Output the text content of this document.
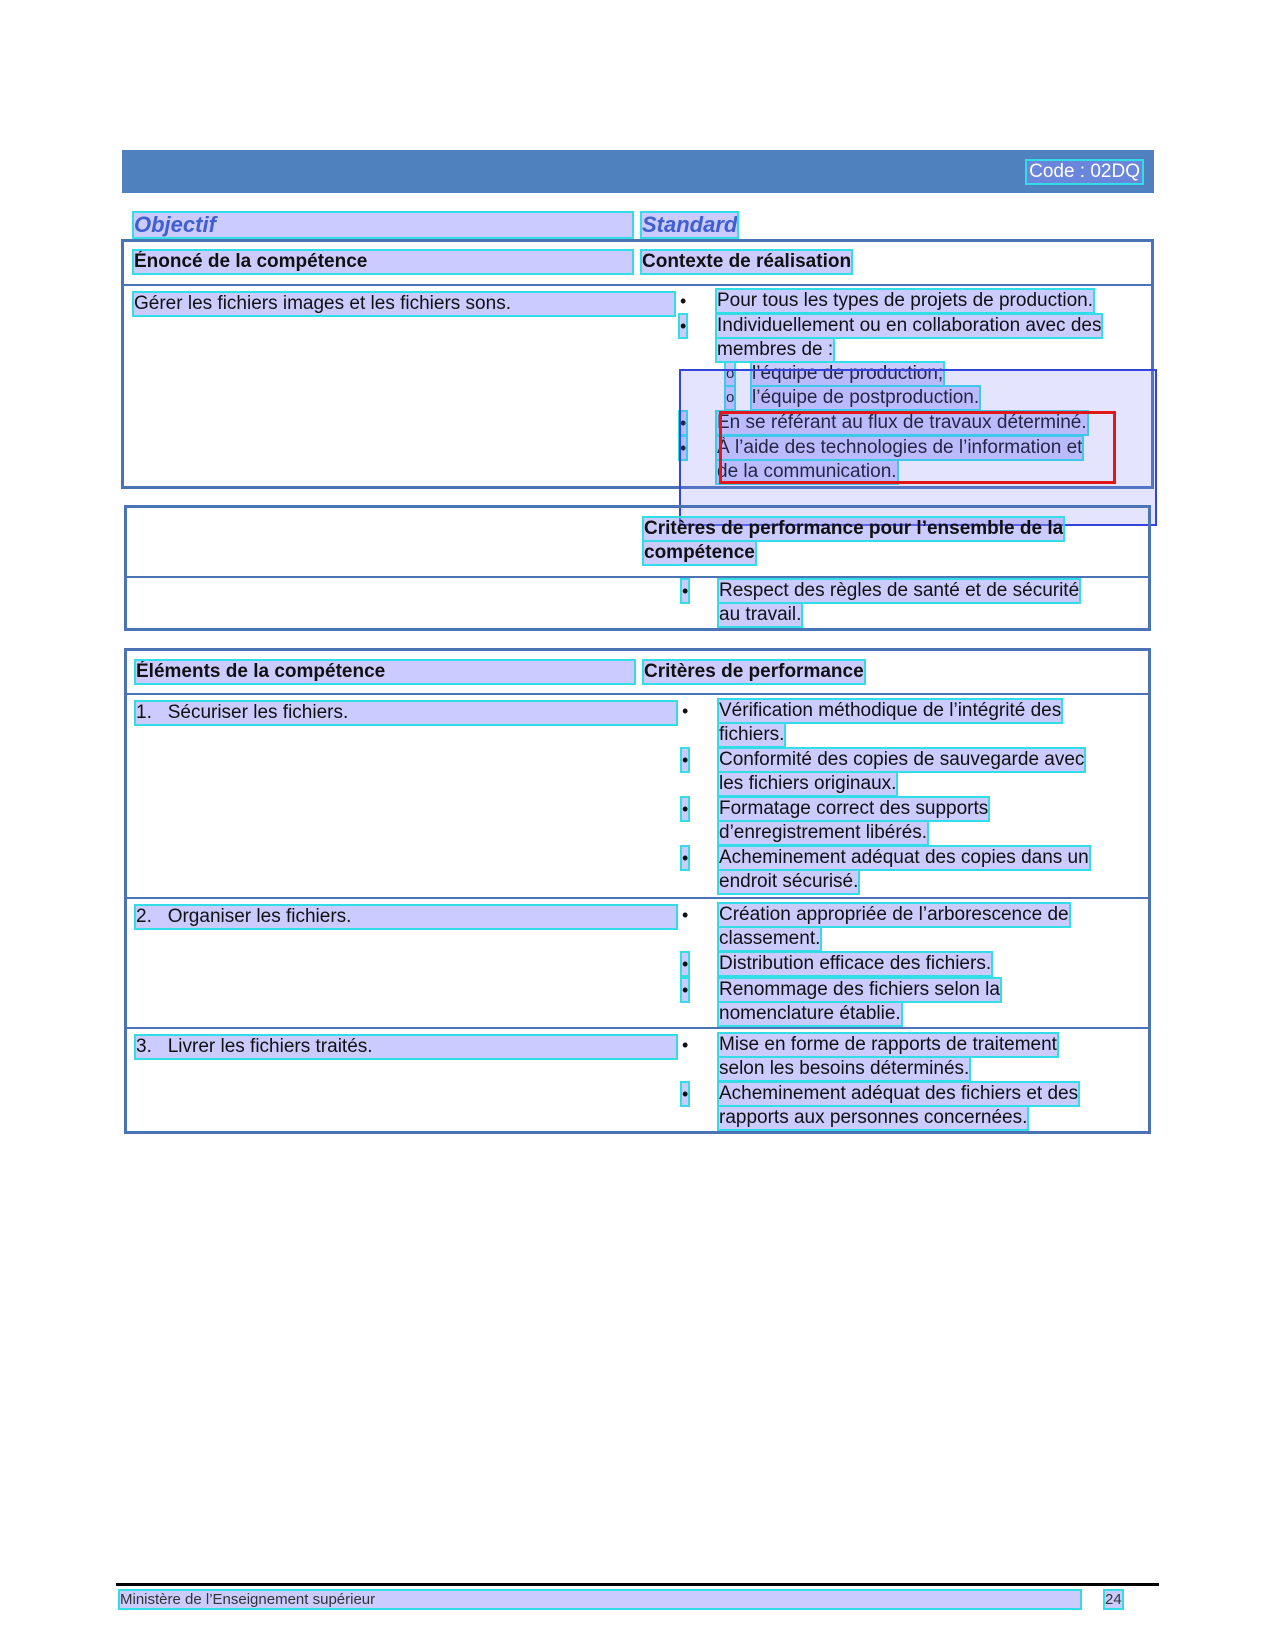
Code : 02DQ
Objectif	Standard
Énoncé de la compétence	Contexte de réalisation
Gérer les fichiers images et les fichiers sons.	• Pour tous les types de projets de production.
• Individuellement ou en collaboration avec des
membres de :
o l’équipe de production;
o l’équipe de postproduction.
• En se référant au flux de travaux déterminé.
• À l’aide des technologies de l’information et
de la communication.
Critères de performance pour l’ensemble de la
compétence
• Respect des règles de santé et de sécurité
au travail.
Éléments de la compétence	Critères de performance
1. Sécuriser les fichiers.	• Vérification méthodique de l’intégrité des
fichiers.
• Conformité des copies de sauvegarde avec
les fichiers originaux.
• Formatage correct des supports
d’enregistrement libérés.
• Acheminement adéquat des copies dans un
endroit sécurisé.
2. Organiser les fichiers.	• Création appropriée de l’arborescence de
classement.
• Distribution efficace des fichiers.
• Renommage des fichiers selon la
nomenclature établie.
3. Livrer les fichiers traités.	• Mise en forme de rapports de traitement
selon les besoins déterminés.
• Acheminement adéquat des fichiers et des
rapports aux personnes concernées.
Ministère de l’Enseignement supérieur	24
